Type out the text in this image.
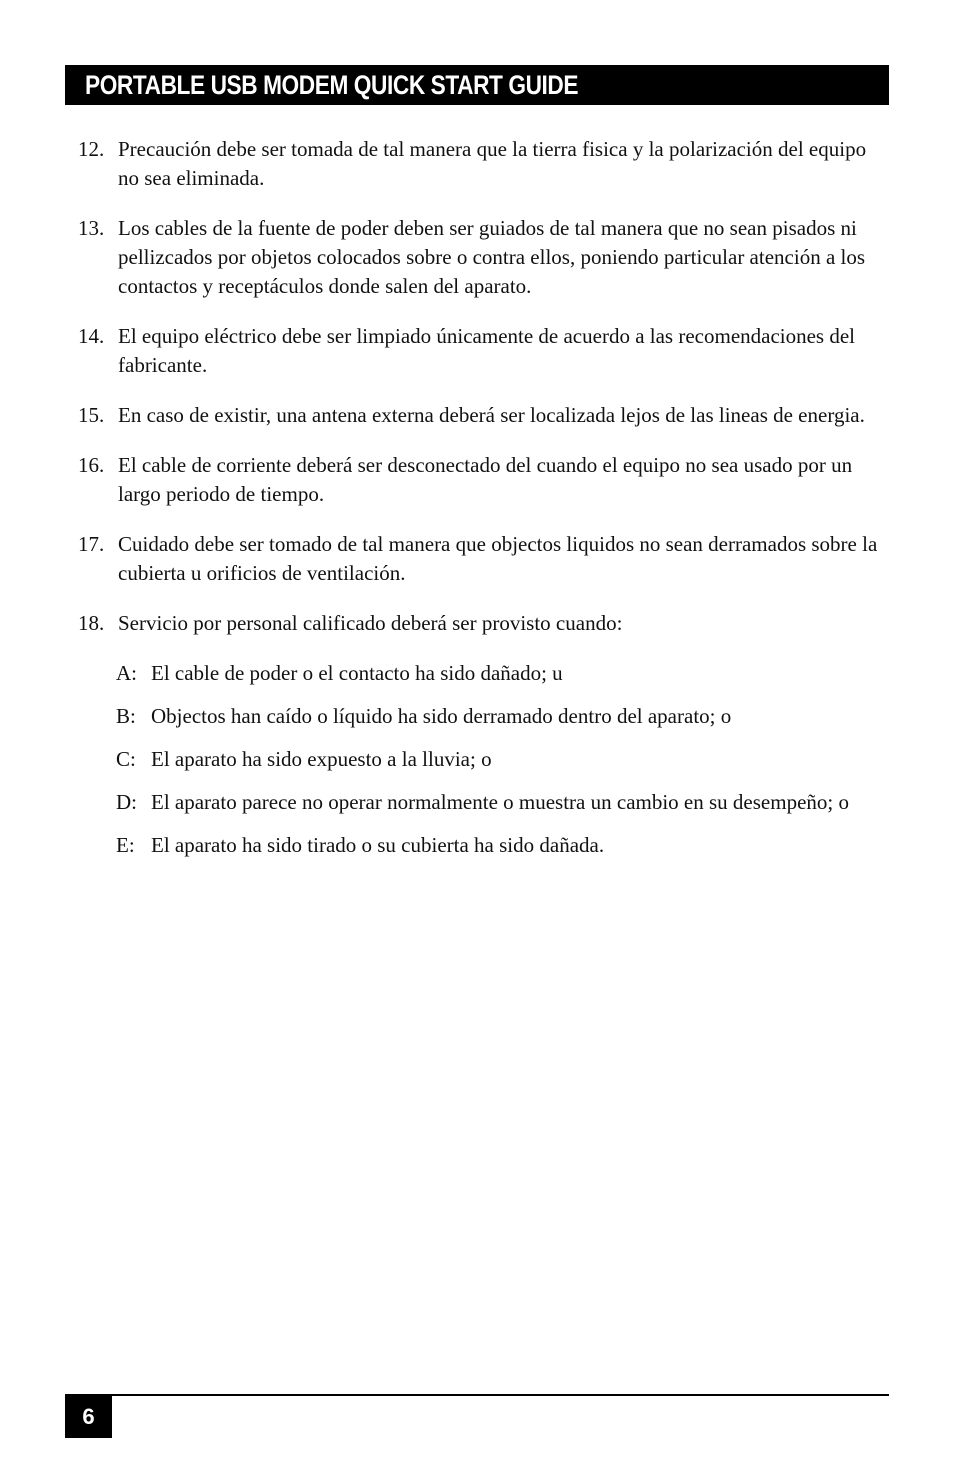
PORTABLE USB MODEM QUICK START GUIDE
12. Precaución debe ser tomada de tal manera que la tierra fisica y la polarización del equipo no sea eliminada.
13. Los cables de la fuente de poder deben ser guiados de tal manera que no sean pisados ni pellizcados por objetos colocados sobre o contra ellos, poniendo particular atención a los contactos y receptáculos donde salen del aparato.
14. El equipo eléctrico debe ser limpiado únicamente de acuerdo a las recomendaciones del fabricante.
15. En caso de existir, una antena externa deberá ser localizada lejos de las lineas de energia.
16. El cable de corriente deberá ser desconectado del cuando el equipo no sea usado por un largo periodo de tiempo.
17. Cuidado debe ser tomado de tal manera que objectos liquidos no sean derramados sobre la cubierta u orificios de ventilación.
18. Servicio por personal calificado deberá ser provisto cuando:
A: El cable de poder o el contacto ha sido dañado; u
B: Objectos han caído o líquido ha sido derramado dentro del aparato; o
C: El aparato ha sido expuesto a la lluvia; o
D: El aparato parece no operar normalmente o muestra un cambio en su desempeño; o
E: El aparato ha sido tirado o su cubierta ha sido dañada.
6
